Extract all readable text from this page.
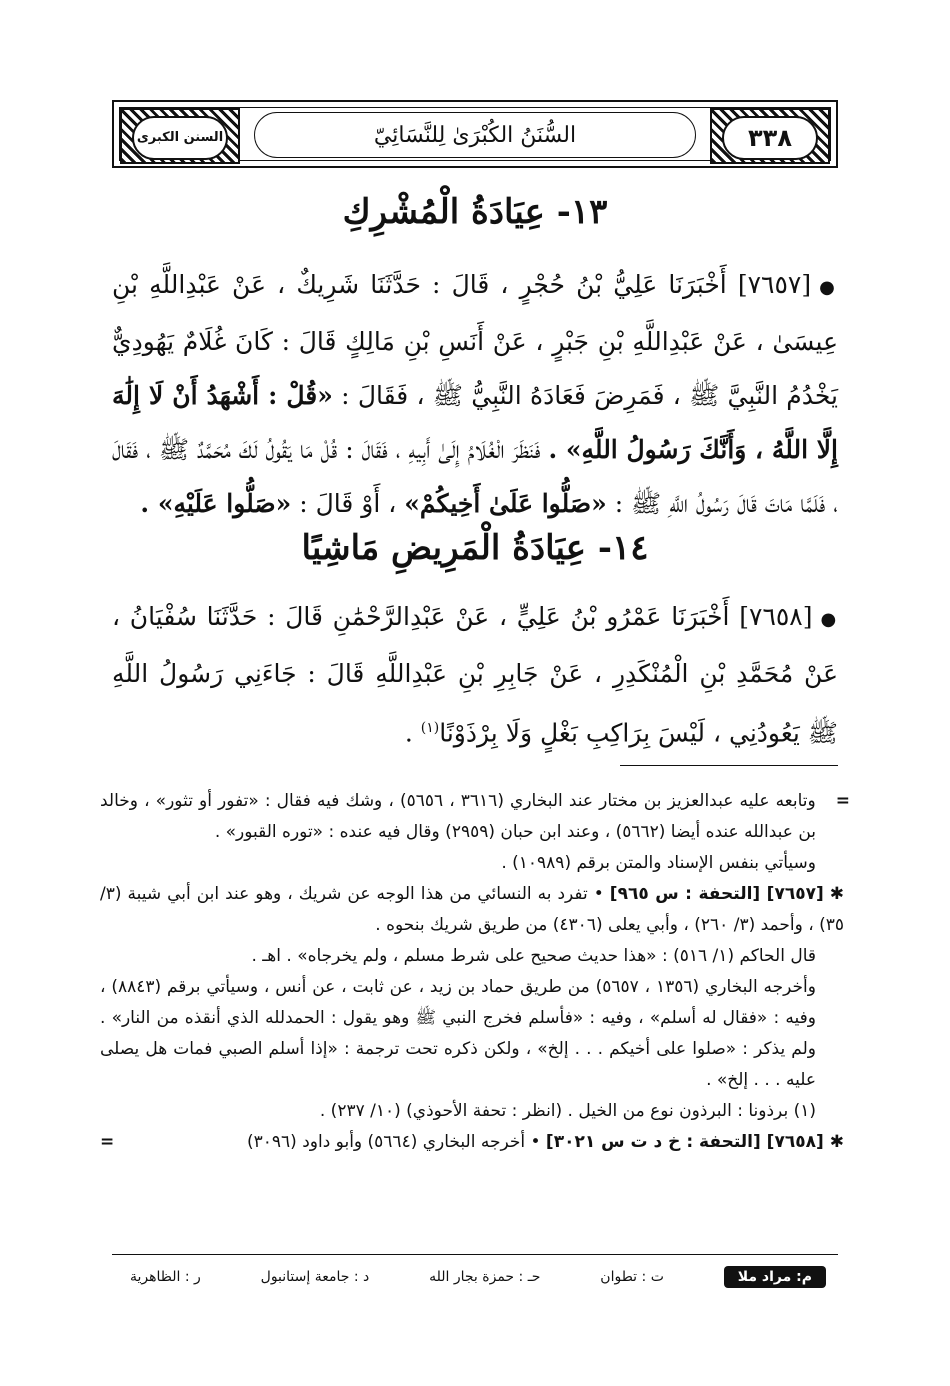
٣٣٨
السُّنَنُ الكُبْرَىٰ لِلنَّسَائِيّ
السنن الكبرى
١٣- عِيَادَةُ الْمُشْرِكِ
●[٧٦٥٧] أَخْبَرَنَا عَلِيُّ بْنُ حُجْرٍ ، قَالَ : حَدَّثَنَا شَرِيكٌ ، عَنْ عَبْدِاللَّهِ بْنِ عِيسَىٰ ، عَنْ عَبْدِاللَّهِ بْنِ جَبْرٍ ، عَنْ أَنَسِ بْنِ مَالِكٍ قَالَ : كَانَ غُلَامٌ يَهُودِيٌّ يَخْدُمُ النَّبِيَّ ﷺ ، فَمَرِضَ فَعَادَهُ النَّبِيُّ ﷺ ، فَقَالَ : «قُلْ : أَشْهَدُ أَنْ لَا إِلَٰهَ إِلَّا اللَّهُ ، وَأَنَّكَ رَسُولُ اللَّهِ» . فَنَظَرَ الْغُلَامُ إِلَىٰ أَبِيهِ ، فَقَالَ : قُلْ مَا يَقُولُ لَكَ مُحَمَّدٌ ﷺ ، فَقَالَ ، فَلَمَّا مَاتَ قَالَ رَسُولُ اللَّهِ ﷺ : «صَلُّوا عَلَىٰ أَخِيكُمْ» ، أَوْ قَالَ : «صَلُّوا عَلَيْهِ» .
١٤- عِيَادَةُ الْمَرِيضِ مَاشِيًا
●[٧٦٥٨] أَخْبَرَنَا عَمْرُو بْنُ عَلِيٍّ ، عَنْ عَبْدِالرَّحْمَٰنِ قَالَ : حَدَّثَنَا سُفْيَانُ ، عَنْ مُحَمَّدِ بْنِ الْمُنْكَدِرِ ، عَنْ جَابِرِ بْنِ عَبْدِاللَّهِ قَالَ : جَاءَنِي رَسُولُ اللَّهِ ﷺ يَعُودُنِي ، لَيْسَ بِرَاكِبِ بَغْلٍ وَلَا بِرْذَوْنًا$^{(١)}$ .

=
وتابعه عليه عبدالعزيز بن مختار عند البخاري (٣٦١٦ ، ٥٦٥٦) ، وشك فيه فقال : «تفور أو تثور» ، وخالد بن عبدالله عنده أيضا (٥٦٦٢) ، وعند ابن حبان (٢٩٥٩) وقال فيه عنده : «توره القبور» .

وسيأتي بنفس الإسناد والمتن برقم (١٠٩٨٩) .

✱[٧٦٥٧] [التحفة : س ٩٦٥] • تفرد به النسائي من هذا الوجه عن شريك ، وهو عند ابن أبي شيبة (٣/ ٣٥) ، وأحمد (٣/ ٢٦٠) ، وأبي يعلى (٤٣٠٦) من طريق شريك بنحوه .

قال الحاكم (١/ ٥١٦) : «هذا حديث صحيح على شرط مسلم ، ولم يخرجاه» . اهـ .

وأخرجه البخاري (١٣٥٦ ، ٥٦٥٧) من طريق حماد بن زيد ، عن ثابت ، عن أنس ، وسيأتي برقم (٨٨٤٣) ، وفيه : «فقال له أسلم» ، وفيه : «فأسلم فخرج النبي ﷺ وهو يقول : الحمدلله الذي أنقذه من النار» . ولم يذكر : «صلوا على أخيكم . . . إلخ» ، ولكن ذكره تحت ترجمة : «إذا أسلم الصبي فمات هل يصلى عليه . . . إلخ» .

(١) برذونا : البرذون نوع من الخيل . (انظر : تحفة الأحوذي) (١٠/ ٢٣٧) .

=	✱[٧٦٥٨] [التحفة : خ د ت س ٣٠٢١] • أخرجه البخاري (٥٦٦٤) وأبو داود (٣٠٩٦)

م: مراد ملا
ت : تطوان
حـ : حمزة بجار الله
د : جامعة إستانبول
ر : الظاهرية
